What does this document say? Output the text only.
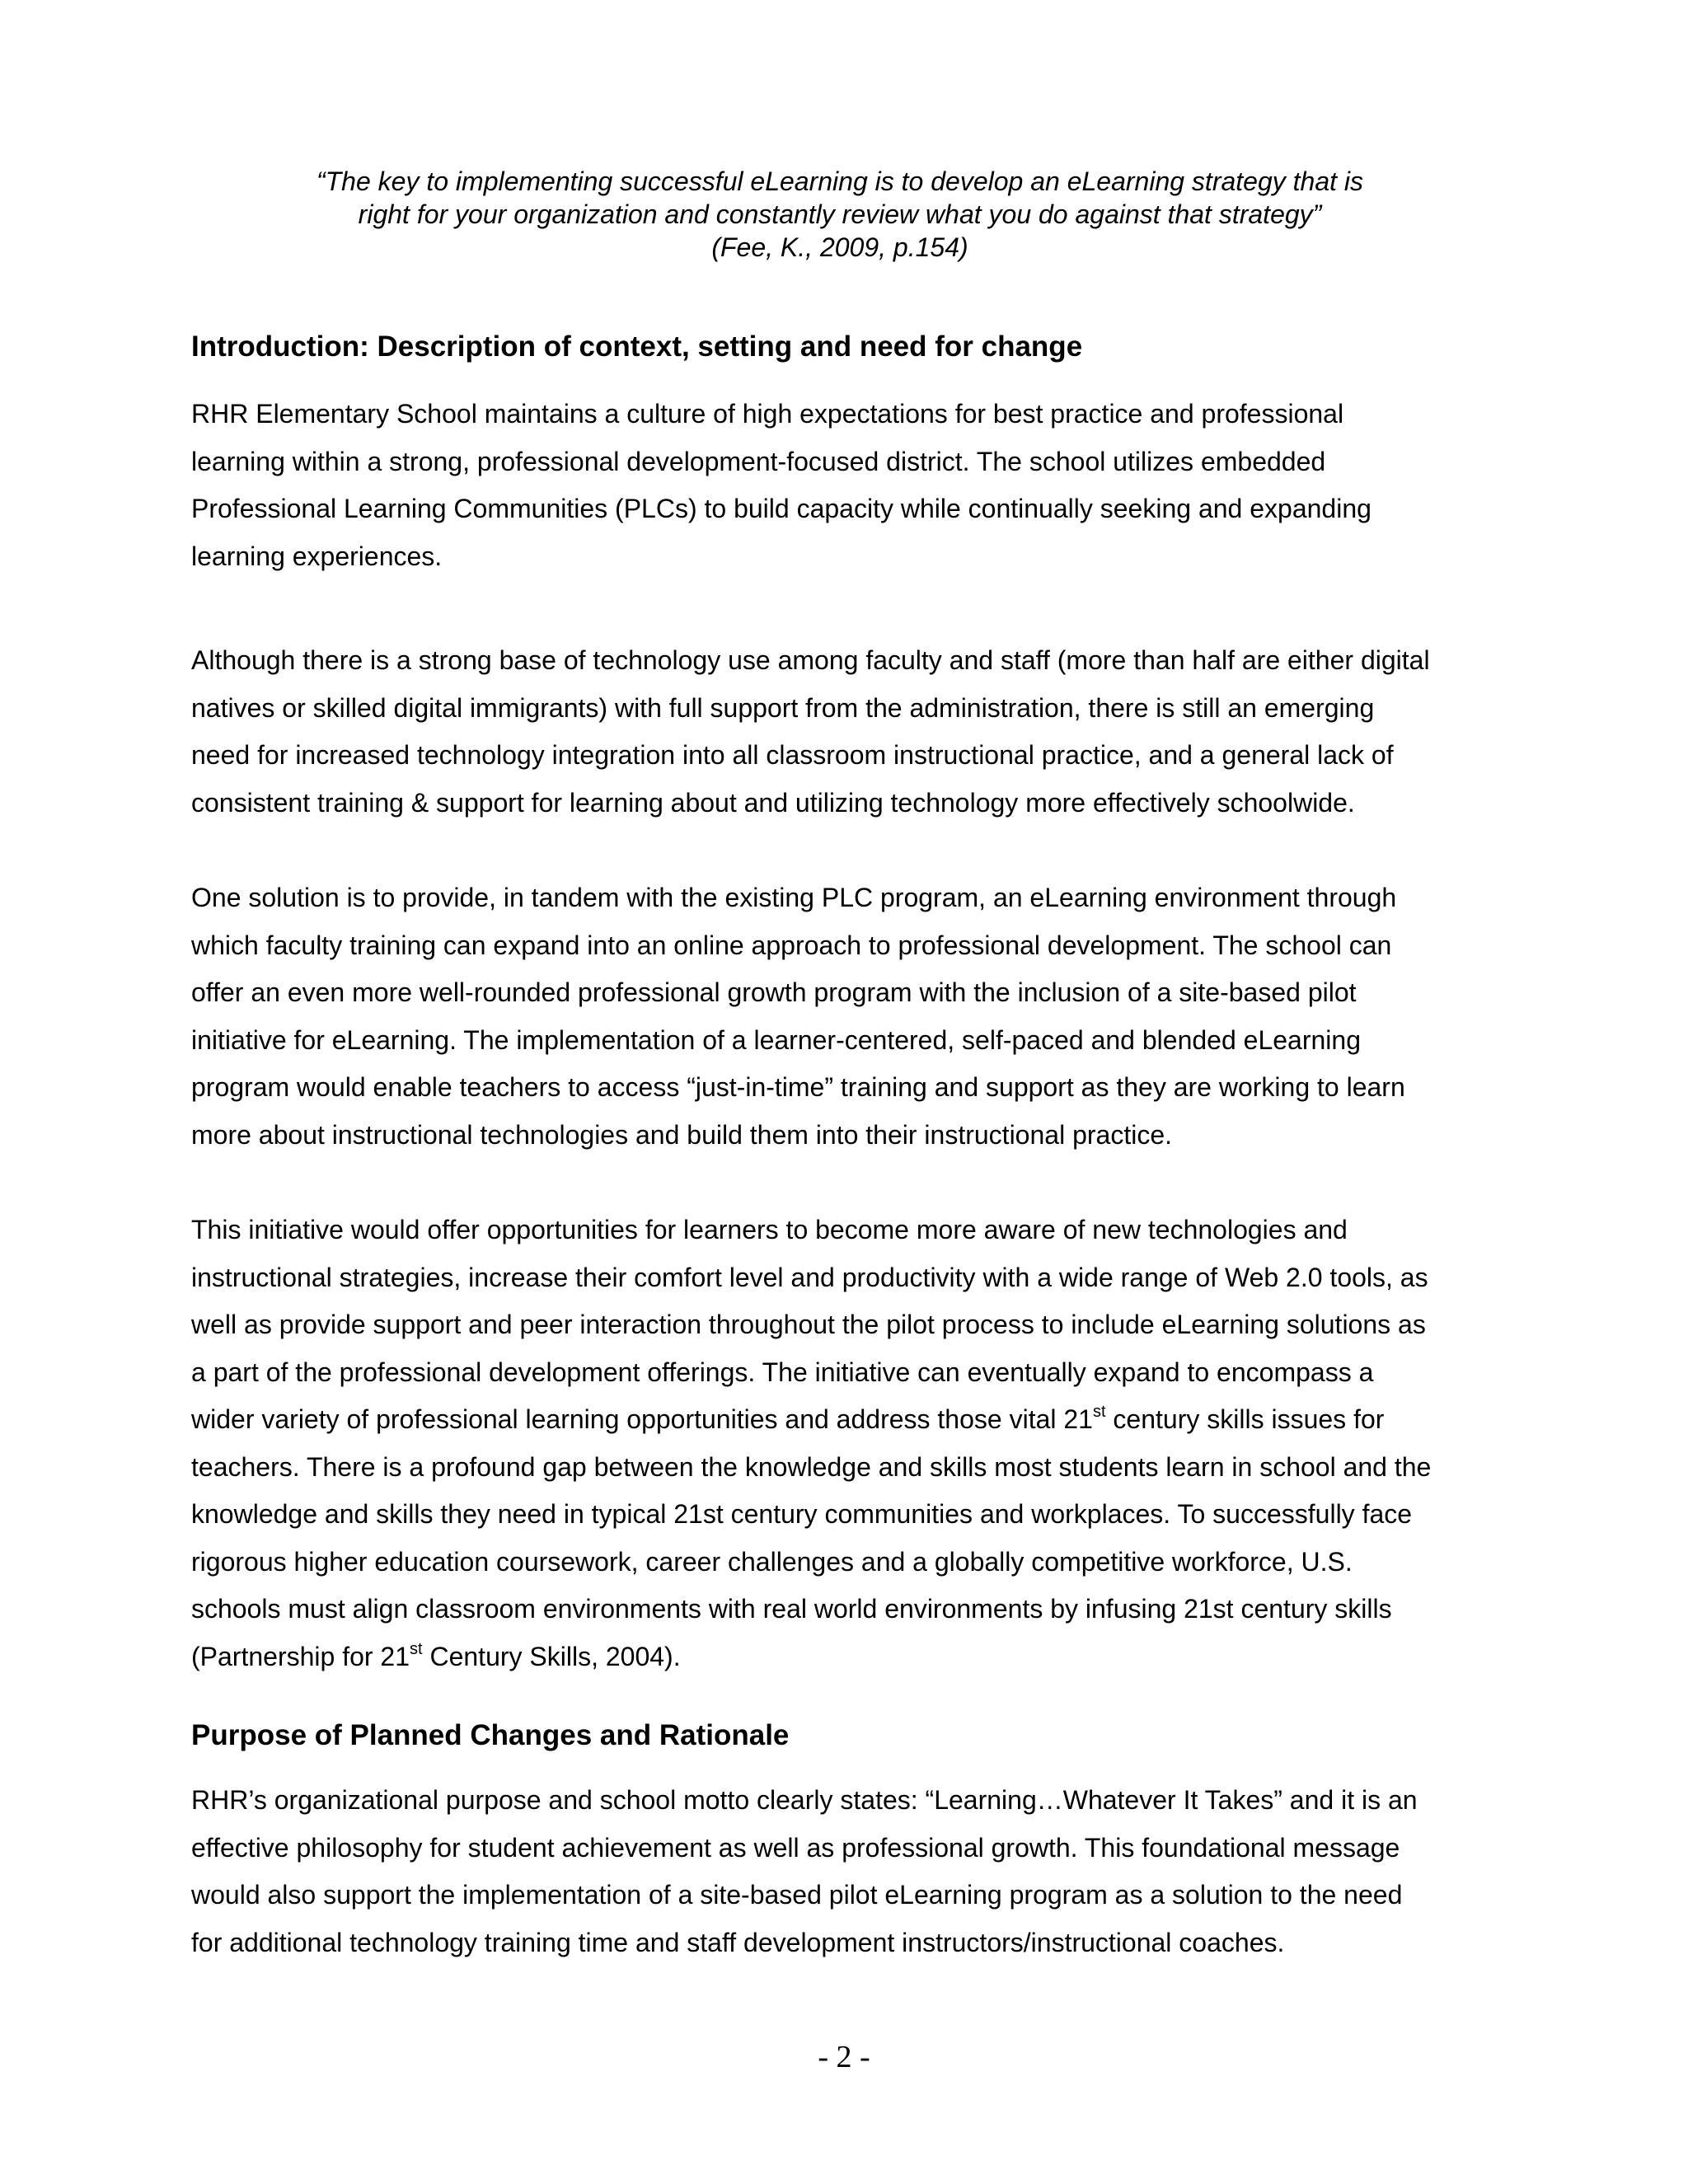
“The key to implementing successful eLearning is to develop an eLearning strategy that is
right for your organization and constantly review what you do against that strategy”
(Fee, K., 2009, p.154)
Introduction: Description of context, setting and need for change
RHR Elementary School maintains a culture of high expectations for best practice and professional
learning within a strong, professional development-focused district. The school utilizes embedded
Professional Learning Communities (PLCs) to build capacity while continually seeking and expanding
learning experiences.
Although there is a strong base of technology use among faculty and staff (more than half are either digital
natives or skilled digital immigrants) with full support from the administration, there is still an emerging
need for increased technology integration into all classroom instructional practice, and a general lack of
consistent training & support for learning about and utilizing technology more effectively schoolwide.
One solution is to provide, in tandem with the existing PLC program, an eLearning environment through
which faculty training can expand into an online approach to professional development. The school can
offer an even more well-rounded professional growth program with the inclusion of a site-based pilot
initiative for eLearning. The implementation of a learner-centered, self-paced and blended eLearning
program would enable teachers to access “just-in-time” training and support as they are working to learn
more about instructional technologies and build them into their instructional practice.
This initiative would offer opportunities for learners to become more aware of new technologies and
instructional strategies, increase their comfort level and productivity with a wide range of Web 2.0 tools, as
well as provide support and peer interaction throughout the pilot process to include eLearning solutions as
a part of the professional development offerings. The initiative can eventually expand to encompass a
wider variety of professional learning opportunities and address those vital 21st century skills issues for
teachers. There is a profound gap between the knowledge and skills most students learn in school and the
knowledge and skills they need in typical 21st century communities and workplaces. To successfully face
rigorous higher education coursework, career challenges and a globally competitive workforce, U.S.
schools must align classroom environments with real world environments by infusing 21st century skills
(Partnership for 21st Century Skills, 2004).
Purpose of Planned Changes and Rationale
RHR’s organizational purpose and school motto clearly states: “Learning…Whatever It Takes” and it is an
effective philosophy for student achievement as well as professional growth. This foundational message
would also support the implementation of a site-based pilot eLearning program as a solution to the need
for additional technology training time and staff development instructors/instructional coaches.
- 2 -
